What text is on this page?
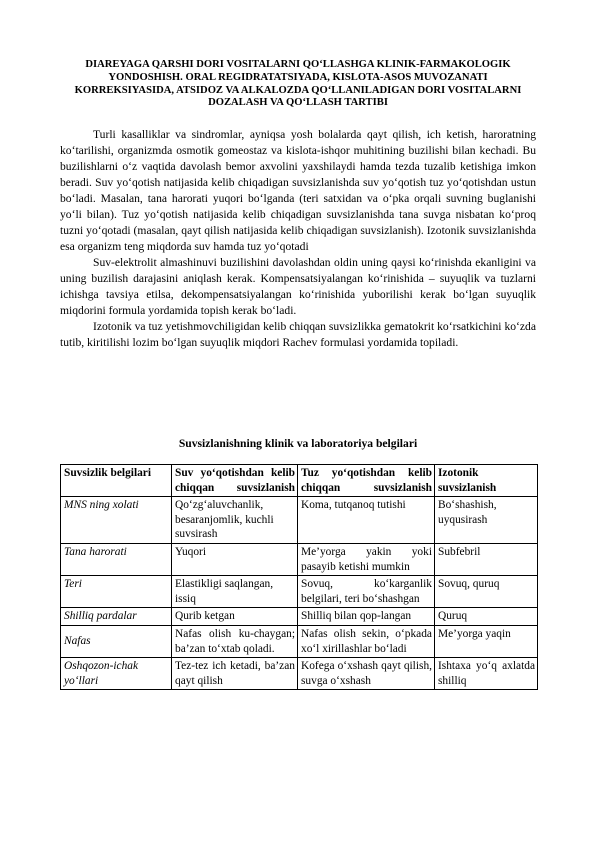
DIAREYAGA QARSHI DORI VOSITALARNI QO‘LLASHGA KLINIK-FARMAKOLOGIK YONDOSHISH. ORAL REGIDRATATSIYADA, KISLOTA-ASOS MUVOZANATI KORREKSIYASIDA, ATSIDOZ VA ALKALOZDA QO‘LLANILADIGAN DORI VOSITALARNI DOZALASH VA QO‘LLASH TARTIBI

Turli kasalliklar va sindromlar, ayniqsa yosh bolalarda qayt qilish, ich ketish, haroratning ko‘tarilishi, organizmda osmotik gomeostaz va kislota-ishqor muhitining buzilishi bilan kechadi. Bu buzilishlarni o‘z vaqtida davolash bemor axvolini yaxshilaydi hamda tezda tuzalib ketishiga imkon beradi. Suv yo‘qotish natijasida kelib chiqadigan suvsizlanishda suv yo‘qotish tuz yo‘qotishdan ustun bo‘ladi. Masalan, tana harorati yuqori bo‘lganda (teri satxidan va o‘pka orqali suvning buglanishi yo‘li bilan). Tuz yo‘qotish natijasida kelib chiqadigan suvsizlanishda tana suvga nisbatan ko‘proq tuzni yo‘qotadi (masalan, qayt qilish natijasida kelib chiqadigan suvsizlanish). Izotonik suvsizlanishda esa organizm teng miqdorda suv hamda tuz yo‘qotadi

Suv-elektrolit almashinuvi buzilishini davolashdan oldin uning qaysi ko‘rinishda ekanligini va uning buzilish darajasini aniqlash kerak. Kompensatsiyalangan ko‘rinishida – suyuqlik va tuzlarni ichishga tavsiya etilsa, dekompensatsiyalangan ko‘rinishida yuborilishi kerak bo‘lgan suyuqlik miqdorini formula yordamida topish kerak bo‘ladi.

Izotonik va tuz yetishmovchiligidan kelib chiqqan suvsizlikka gematokrit ko‘rsatkichini ko‘zda tutib, kiritilishi lozim bo‘lgan suyuqlik miqdori Rachev formulasi yordamida topiladi.

Suvsizlanishning klinik va laboratoriya belgilari
Suvsizlik belgilari	Suv yo‘qotishdan kelib chiqqan suvsizlanish	Tuz yo‘qotishdan kelib chiqqan suvsizlanish	Izotonik suvsizlanish
MNS ning xolati	Qo‘zg‘aluvchanlik, besaranjomlik, kuchli suvsirash	Koma, tutqanoq tutishi	Bo‘shashish, uyqusirash
Tana harorati	Yuqori	Me’yorga yakin yoki pasayib ketishi mumkin	Subfebril
Teri	Elastikligi saqlangan, issiq	Sovuq, ko‘karganlik belgilari, teri bo‘shashgan	Sovuq, quruq
Shilliq pardalar	Qurib ketgan	Shilliq bilan qop-langan	Quruq
Nafas	Nafas olish ku-chaygan; ba’zan to‘xtab qoladi.	Nafas olish sekin, o‘pkada xo‘l xirillashlar bo‘ladi	Me’yorga yaqin
Oshqozon-ichak yo‘llari	Tez-tez ich ketadi, ba’zan qayt qilish	Kofega o‘xshash qayt qilish, suvga o‘xshash	Ishtaxa yo‘q axlatda shilliq
